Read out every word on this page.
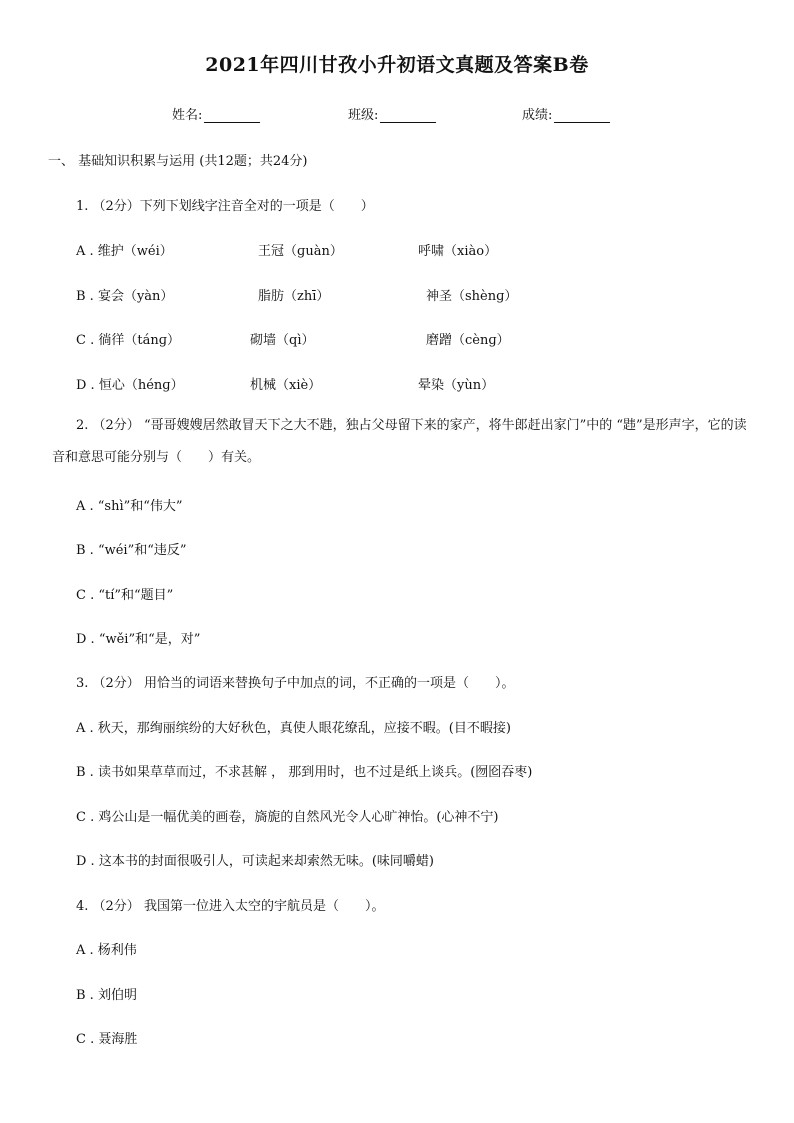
2021年四川甘孜小升初语文真题及答案B卷
姓名:	班级:	成绩:
一、 基础知识积累与运用 (共12题；共24分)
1. （2分）下列下划线字注音全对的一项是（　　）
A . 维护（wéi）	王冠（ɡuàn）	呼啸（xiào）
B . 宴会（yàn）	脂肪（zhī）	神圣（shènɡ）
C . 徜徉（tánɡ）	砌墙（qì）	磨蹭（cènɡ）
D . 恒心（hénɡ）	机械（xiè）	晕染（yùn）
2. （2分） “哥哥嫂嫂居然敢冒天下之大不韪，独占父母留下来的家产，将牛郎赶出家门”中的 “韪”是形声字，它的读音和意思可能分别与（　　）有关。
A . “shì”和“伟大”
B . “wéi”和“违反”
C . “tí”和“题目”
D . “wěi”和“是，对”
3. （2分） 用恰当的词语来替换句子中加点的词，不正确的一项是（　　）。
A . 秋天，那绚丽缤纷的大好秋色，真使人眼花缭乱，应接不暇。(目不暇接)
B . 读书如果草草而过，不求甚解 ， 那到用时，也不过是纸上谈兵。(囫囵吞枣)
C . 鸡公山是一幅优美的画卷，旖旎的自然风光令人心旷神怡。(心神不宁)
D . 这本书的封面很吸引人，可读起来却索然无味。(味同嚼蜡)
4. （2分） 我国第一位进入太空的宇航员是（　　）。
A . 杨利伟
B . 刘伯明
C . 聂海胜
